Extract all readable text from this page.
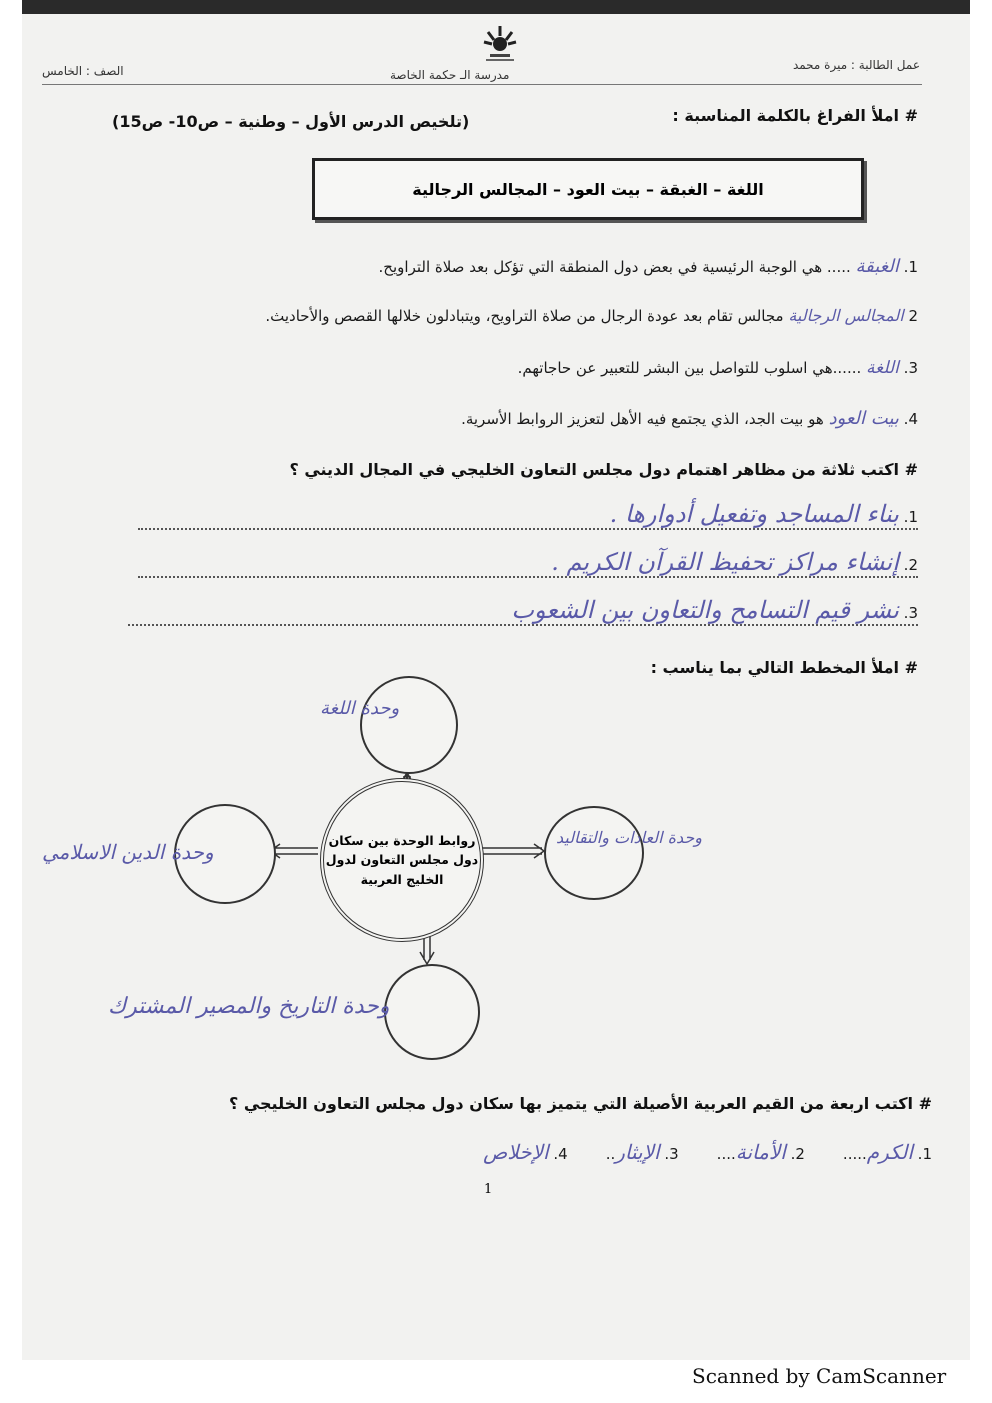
عمل الطالبة : ميرة محمد
مدرسة الـ حكمة الخاصة
الصف : الخامس
# املأ الفراغ بالكلمة المناسبة :
(تلخيص الدرس الأول – وطنية – ص10- ص15)
اللغة – الغبقة – بيت العود – المجالس الرجالية
1. الغبقة ..... هي الوجبة الرئيسية في بعض دول المنطقة التي تؤكل بعد صلاة التراويح.
2 المجالس الرجالية مجالس تقام بعد عودة الرجال من صلاة التراويح، ويتبادلون خلالها القصص والأحاديث.
3. اللغة ......هي اسلوب للتواصل بين البشر للتعبير عن حاجاتهم.
4. بيت العود هو بيت الجد، الذي يجتمع فيه الأهل لتعزيز الروابط الأسرية.
# اكتب ثلاثة من مظاهر اهتمام دول مجلس التعاون الخليجي في المجال الديني ؟
1. بناء المساجد وتفعيل أدوارها .
2. إنشاء مراكز تحفيظ القرآن الكريم .
3. نشر قيم التسامح والتعاون بين الشعوب
# املأ المخطط التالي بما يناسب :
وحدة اللغة
وحدة العادات والتقاليد
وحدة الدين الاسلامي	روابط الوحدة بين سكان دول مجلس التعاون لدول الخليج العربية
وحدة التاريخ والمصير المشترك
# اكتب اربعة من القيم العربية الأصيلة التي يتميز بها سكان دول مجلس التعاون الخليجي ؟
1. الكرم.....
2. الأمانة....
3. الإيثار..
4. الإخلاص
1
Scanned by CamScanner
